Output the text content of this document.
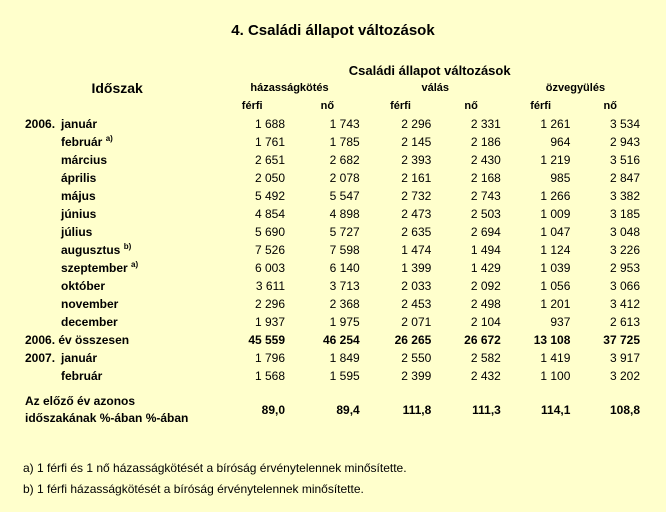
4. Családi állapot változások
Időszak	Családi állapot változások					
	házasságkötés		válás		özvegyülés	
	férfi	nő	férfi	nő	férfi	nő
2006. január	1 688	1 743	2 296	2 331	1 261	3 534
február $^{a)}$	1 761	1 785	2 145	2 186	964	2 943
március	2 651	2 682	2 393	2 430	1 219	3 516
április	2 050	2 078	2 161	2 168	985	2 847
május	5 492	5 547	2 732	2 743	1 266	3 382
június	4 854	4 898	2 473	2 503	1 009	3 185
július	5 690	5 727	2 635	2 694	1 047	3 048
augusztus $^{b)}$	7 526	7 598	1 474	1 494	1 124	3 226
szeptember $^{a)}$	6 003	6 140	1 399	1 429	1 039	2 953
október	3 611	3 713	2 033	2 092	1 056	3 066
november	2 296	2 368	2 453	2 498	1 201	3 412
december	1 937	1 975	2 071	2 104	937	2 613
2006. év összesen	45 559	46 254	26 265	26 672	13 108	37 725
2007. január	1 796	1 849	2 550	2 582	1 419	3 917
február	1 568	1 595	2 399	2 432	1 100	3 202

Az előző év azonos
időszakának %-ában %-ában	89,0	89,4	111,8	111,3	114,1	108,8
a) 1 férfi és 1 nő házasságkötését a bíróság érvénytelennek minősítette.
b) 1 férfi házasságkötését a bíróság érvénytelennek minősítette.
